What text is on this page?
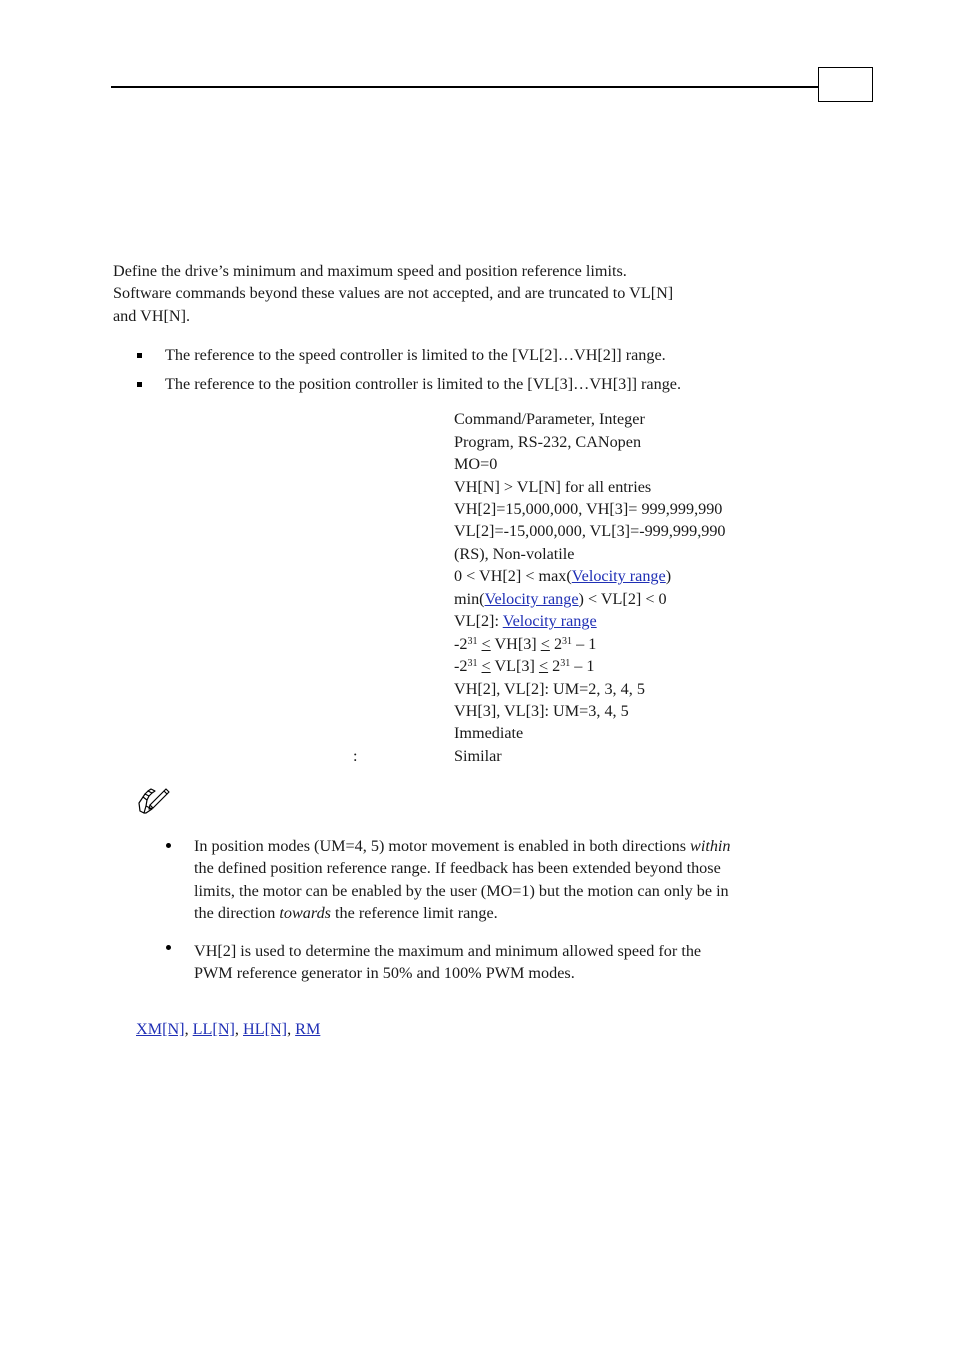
Define the drive’s minimum and maximum speed and position reference limits.

Software commands beyond these values are not accepted, and are truncated to VL[N]

and VH[N].

The reference to the speed controller is limited to the [VL[2]…VH[2]] range.
The reference to the position controller is limited to the [VL[3]…VH[3]] range.
Command/Parameter, Integer
Program, RS-232, CANopen
MO=0
VH[N] > VL[N] for all entries
VH[2]=15,000,000, VH[3]= 999,999,990
VL[2]=-15,000,000, VL[3]=-999,999,990
(RS), Non-volatile
0 < VH[2] < max(Velocity range)
min(Velocity range) < VL[2] < 0
VL[2]: Velocity range
$-2^{31} < VH[3] < 2^{31} - 1$
$-2^{31} < VL[3] < 2^{31} - 1$
VH[2], VL[2]: UM=2, 3, 4, 5
VH[3], VL[3]: UM=3, 4, 5
Immediate
:	Similar
In position modes (UM=4, 5) motor movement is enabled in both directions within
the defined position reference range. If feedback has been extended beyond those
limits, the motor can be enabled by the user (MO=1) but the motion can only be in
the direction towards the reference limit range.
VH[2] is used to determine the maximum and minimum allowed speed for the
PWM reference generator in 50% and 100% PWM modes.
XM[N], LL[N], HL[N], RM
